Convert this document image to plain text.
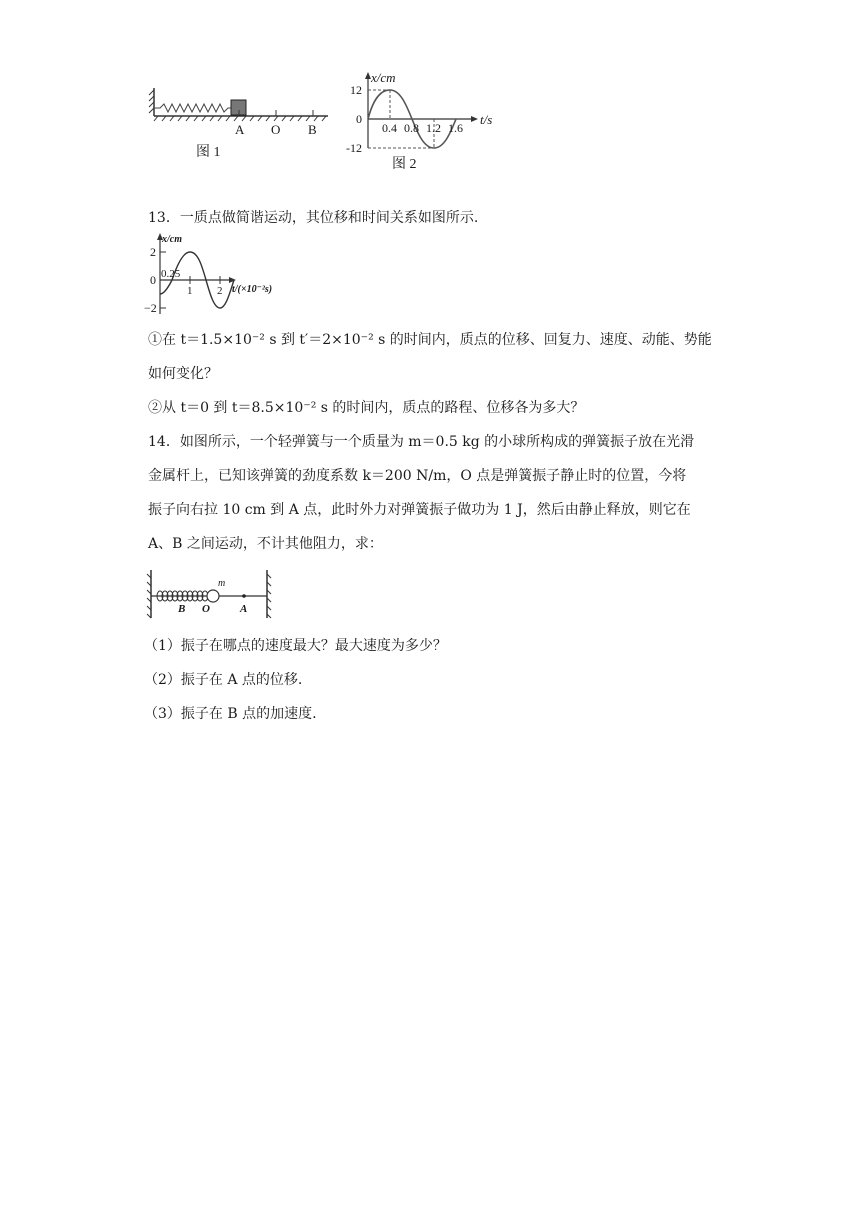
A O B
图 1
x/cm
t/s
12
0
-12
0.4 0.8 1.2 1.6
图 2
13．一质点做简谐运动，其位移和时间关系如图所示.
x/cm
t/(×10⁻²s)
2
0
−2
0.25
1 2
①在 t＝1.5×10⁻² s 到 t′＝2×10⁻² s 的时间内，质点的位移、回复力、速度、动能、势能
如何变化？
②从 t＝0 到 t＝8.5×10⁻² s 的时间内，质点的路程、位移各为多大？
14．如图所示，一个轻弹簧与一个质量为 m＝0.5 kg 的小球所构成的弹簧振子放在光滑
金属杆上，已知该弹簧的劲度系数 k＝200 N/m，O 点是弹簧振子静止时的位置，今将
振子向右拉 10 cm 到 A 点，此时外力对弹簧振子做功为 1 J，然后由静止释放，则它在
A、B 之间运动，不计其他阻力，求：
m
B O	A
（1）振子在哪点的速度最大？最大速度为多少？
（2）振子在 A 点的位移.
（3）振子在 B 点的加速度.
